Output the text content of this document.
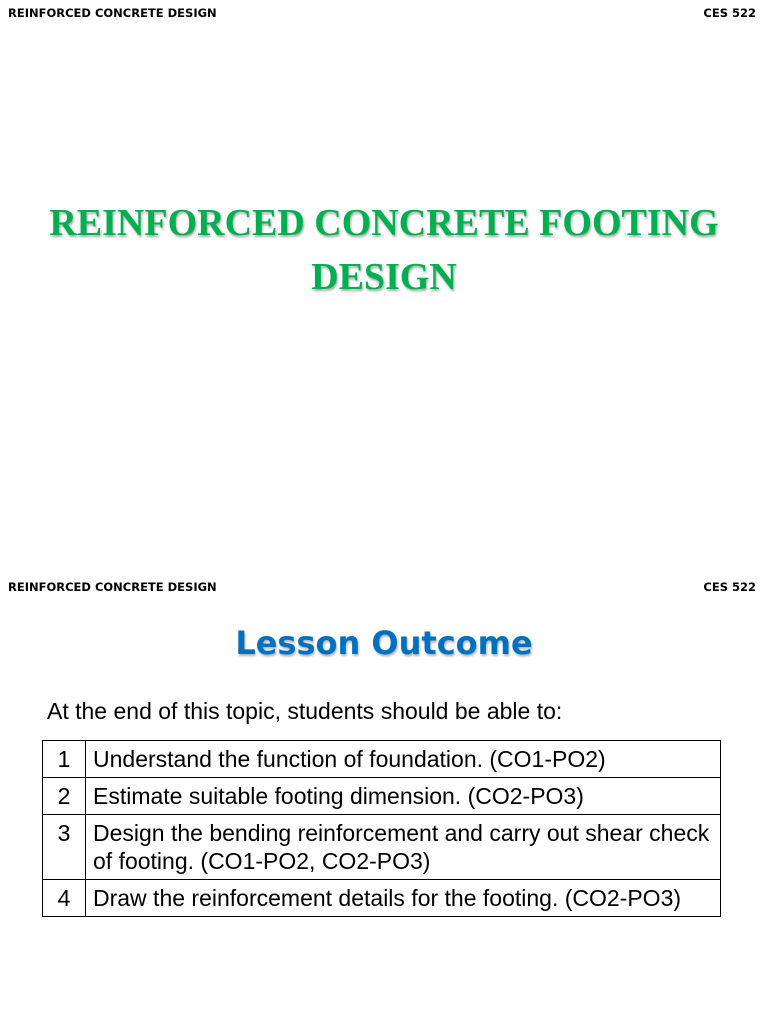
REINFORCED CONCRETE DESIGN	CES 522
REINFORCED CONCRETE FOOTING
DESIGN
REINFORCED CONCRETE DESIGN	CES 522
Lesson Outcome
At the end of this topic, students should be able to:
1	Understand the function of foundation. (CO1-PO2)
2	Estimate suitable footing dimension. (CO2-PO3)
3	Design the bending reinforcement and carry out shear check of footing. (CO1-PO2, CO2-PO3)
4	Draw the reinforcement details for the footing. (CO2-PO3)
